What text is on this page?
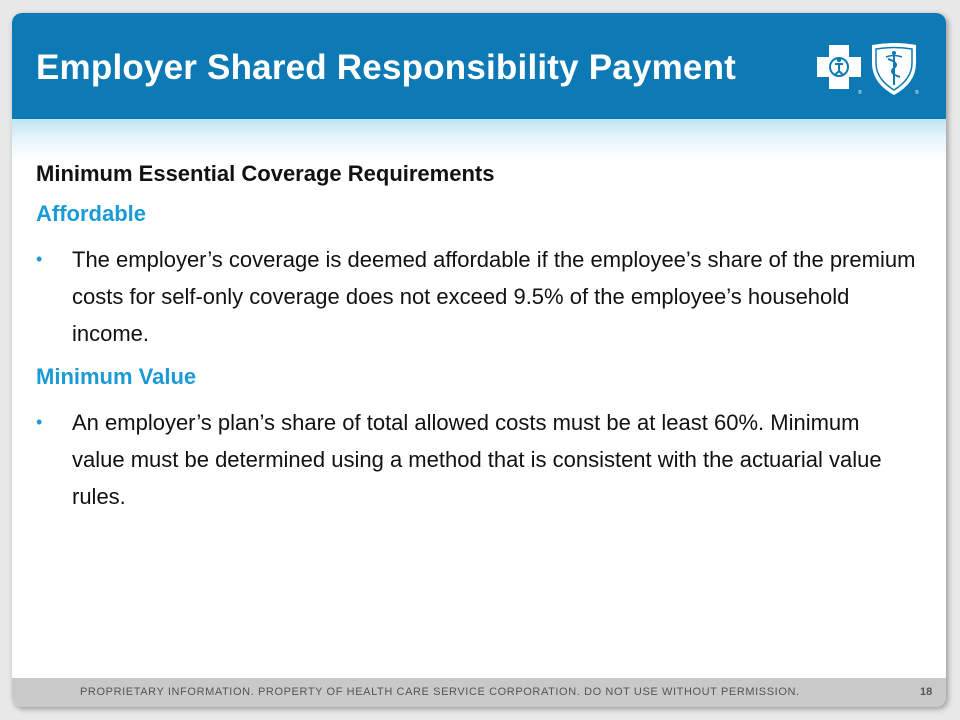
Employer Shared Responsibility Payment
®	®
Minimum Essential Coverage Requirements
Affordable
• The employer’s coverage is deemed affordable if the employee’s share of the premium costs for self-only coverage does not exceed 9.5% of the employee’s household income.
Minimum Value
• An employer’s plan’s share of total allowed costs must be at least 60%. Minimum value must be determined using a method that is consistent with the actuarial value rules.
PROPRIETARY INFORMATION. PROPERTY OF HEALTH CARE SERVICE CORPORATION. DO NOT USE WITHOUT PERMISSION.	18
